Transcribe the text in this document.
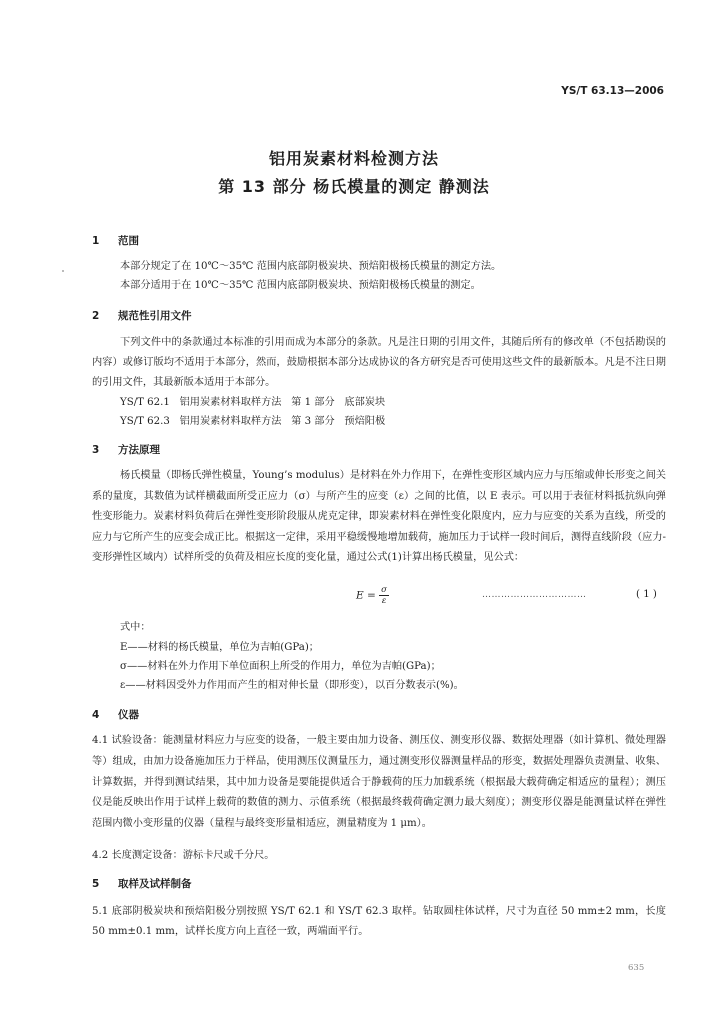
YS/T 63.13—2006
铝用炭素材料检测方法
第 13 部分 杨氏模量的测定 静测法
1 范围
本部分规定了在 10℃～35℃ 范围内底部阴极炭块、预焙阳极杨氏模量的测定方法。
本部分适用于在 10℃～35℃ 范围内底部阴极炭块、预焙阳极杨氏模量的测定。
2 规范性引用文件
下列文件中的条款通过本标准的引用而成为本部分的条款。凡是注日期的引用文件，其随后所有的修改单（不包括勘误的内容）或修订版均不适用于本部分，然而，鼓励根据本部分达成协议的各方研究是否可使用这些文件的最新版本。凡是不注日期的引用文件，其最新版本适用于本部分。
YS/T 62.1   铝用炭素材料取样方法   第 1 部分   底部炭块
YS/T 62.3   铝用炭素材料取样方法   第 3 部分   预焙阳极
3 方法原理
杨氏模量（即杨氏弹性模量，Young’s modulus）是材料在外力作用下，在弹性变形区域内应力与压缩或伸长形变之间关系的量度，其数值为试样横截面所受正应力（σ）与所产生的应变（ε）之间的比值，以 E 表示。可以用于表征材料抵抗纵向弹性变形能力。炭素材料负荷后在弹性变形阶段服从虎克定律，即炭素材料在弹性变化限度内，应力与应变的关系为直线，所受的应力与它所产生的应变会成正比。根据这一定律，采用平稳缓慢地增加载荷，施加压力于试样一段时间后，测得直线阶段（应力-变形弹性区域内）试样所受的负荷及相应长度的变化量，通过公式(1)计算出杨氏模量，见公式：
$E = \frac{\sigma}{\varepsilon}$	……………………………	( 1 )
式中：
E——材料的杨氏模量，单位为吉帕(GPa)；
σ——材料在外力作用下单位面积上所受的作用力，单位为吉帕(GPa)；
ε——材料因受外力作用而产生的相对伸长量（即形变），以百分数表示(%)。
4 仪器
4.1 试验设备：能测量材料应力与应变的设备，一般主要由加力设备、测压仪、测变形仪器、数据处理器（如计算机、微处理器等）组成，由加力设备施加压力于样品，使用测压仪测量压力，通过测变形仪器测量样品的形变，数据处理器负责测量、收集、计算数据，并得到测试结果，其中加力设备是要能提供适合于静载荷的压力加载系统（根据最大载荷确定相适应的量程）；测压仪是能反映出作用于试样上载荷的数值的测力、示值系统（根据最终载荷确定测力最大刻度）；测变形仪器是能测量试样在弹性范围内微小变形量的仪器（量程与最终变形量相适应，测量精度为 1 μm）。
4.2 长度测定设备：游标卡尺或千分尺。
5 取样及试样制备
5.1 底部阴极炭块和预焙阳极分别按照 YS/T 62.1 和 YS/T 62.3 取样。钻取圆柱体试样，尺寸为直径 50 mm±2 mm，长度 50 mm±0.1 mm，试样长度方向上直径一致，两端面平行。
635
